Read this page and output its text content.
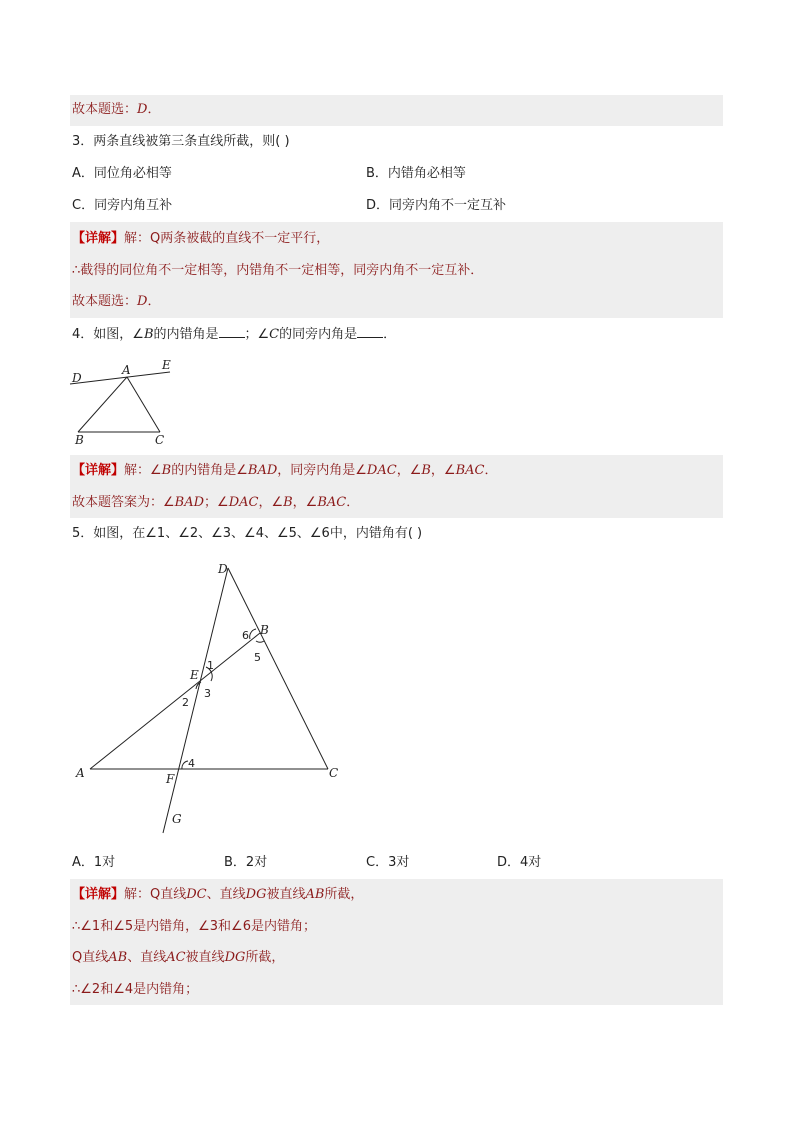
故本题选：D．
3．两条直线被第三条直线所截，则( )
A．同位角必相等	B．内错角必相等
C．同旁内角互补	D．同旁内角不一定互补
【详解】解：Q两条被截的直线不一定平行，
∴截得的同位角不一定相等，内错角不一定相等，同旁内角不一定互补．
故本题选：D．
4．如图，∠B的内错角是 ；∠C的同旁内角是 ．
D
A	E
B	C
【详解】解：∠B的内错角是∠BAD，同旁内角是∠DAC，∠B，∠BAC．
故本题答案为：∠BAD；∠DAC，∠B，∠BAC．
5．如图，在∠1、∠2、∠3、∠4、∠5、∠6中，内错角有( )
D
B
E
A	F	C
G
1
2
3
4
5
6
A．1对	B．2对	C．3对	D．4对
【详解】解：Q直线DC、直线DG被直线AB所截，
∴∠1和∠5是内错角，∠3和∠6是内错角；
Q直线AB、直线AC被直线DG所截，
∴∠2和∠4是内错角；
